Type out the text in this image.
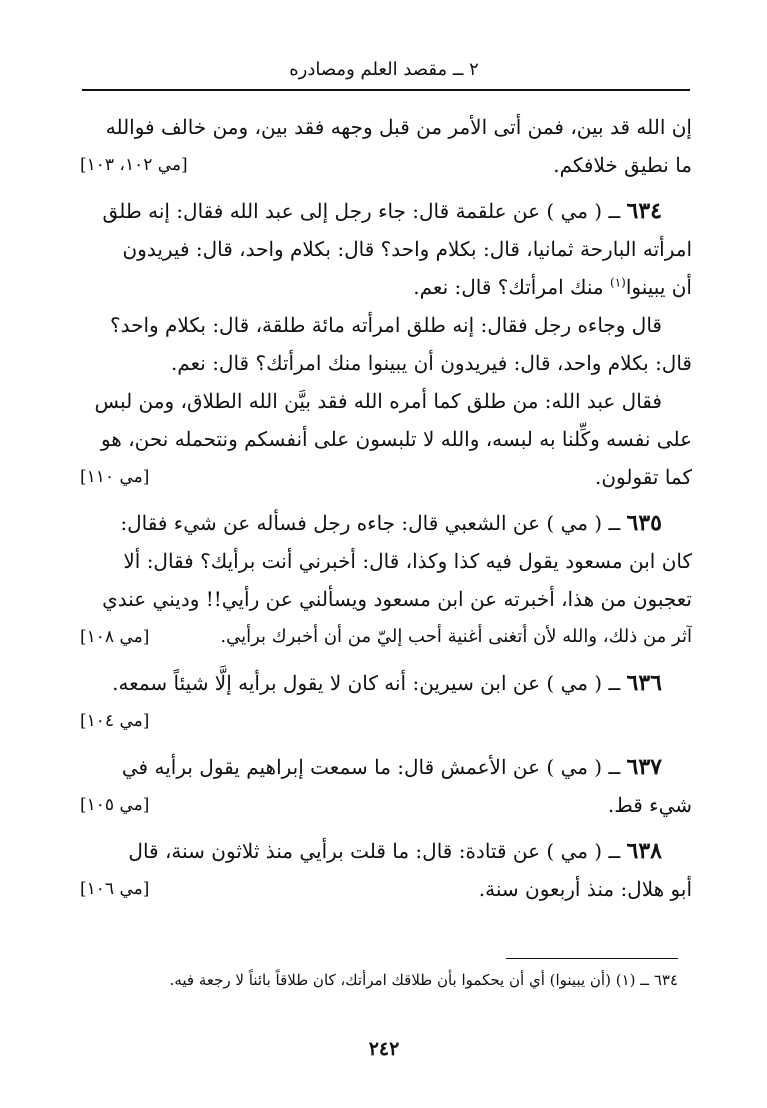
٢ ــ مقصد العلم ومصادره
إن الله قد بين، فمن أتى الأمر من قبل وجهه فقد بين، ومن خالف فوالله
ما نطيق خلافكم.
[مي ١٠٢، ١٠٣]
٦٣٤ ــ ( مي ) عن علقمة قال: جاء رجل إلى عبد الله فقال: إنه طلق
امرأته البارحة ثمانيا، قال: بكلام واحد؟ قال: بكلام واحد، قال: فيريدون
أن يبينوا$^{(١)}$ منك امرأتك؟ قال: نعم.
قال وجاءه رجل فقال: إنه طلق امرأته مائة طلقة، قال: بكلام واحد؟
قال: بكلام واحد، قال: فيريدون أن يبينوا منك امرأتك؟ قال: نعم.
فقال عبد الله: من طلق كما أمره الله فقد بيَّن الله الطلاق، ومن لبس
على نفسه وكِّلنا به لبسه، والله لا تلبسون على أنفسكم ونتحمله نحن، هو
كما تقولون.
[مي ١١٠]
٦٣٥ ــ ( مي ) عن الشعبي قال: جاءه رجل فسأله عن شيء فقال:
كان ابن مسعود يقول فيه كذا وكذا، قال: أخبرني أنت برأيك؟ فقال: ألا
تعجبون من هذا، أخبرته عن ابن مسعود ويسألني عن رأيي!! وديني عندي
آثر من ذلك، والله لأن أتغنى أغنية أحب إليّ من أن أخبرك برأيي.
[مي ١٠٨]
٦٣٦ ــ ( مي ) عن ابن سيرين: أنه كان لا يقول برأيه إلَّا شيئاً سمعه.
[مي ١٠٤]
٦٣٧ ــ ( مي ) عن الأعمش قال: ما سمعت إبراهيم يقول برأيه في
شيء قط.
[مي ١٠٥]
٦٣٨ ــ ( مي ) عن قتادة: قال: ما قلت برأيي منذ ثلاثون سنة، قال
أبو هلال: منذ أربعون سنة.
[مي ١٠٦]
٦٣٤ ــ (١) (أن يبينوا) أي أن يحكموا بأن طلاقك امرأتك، كان طلاقاً بائناً لا رجعة فيه.
٢٤٢
